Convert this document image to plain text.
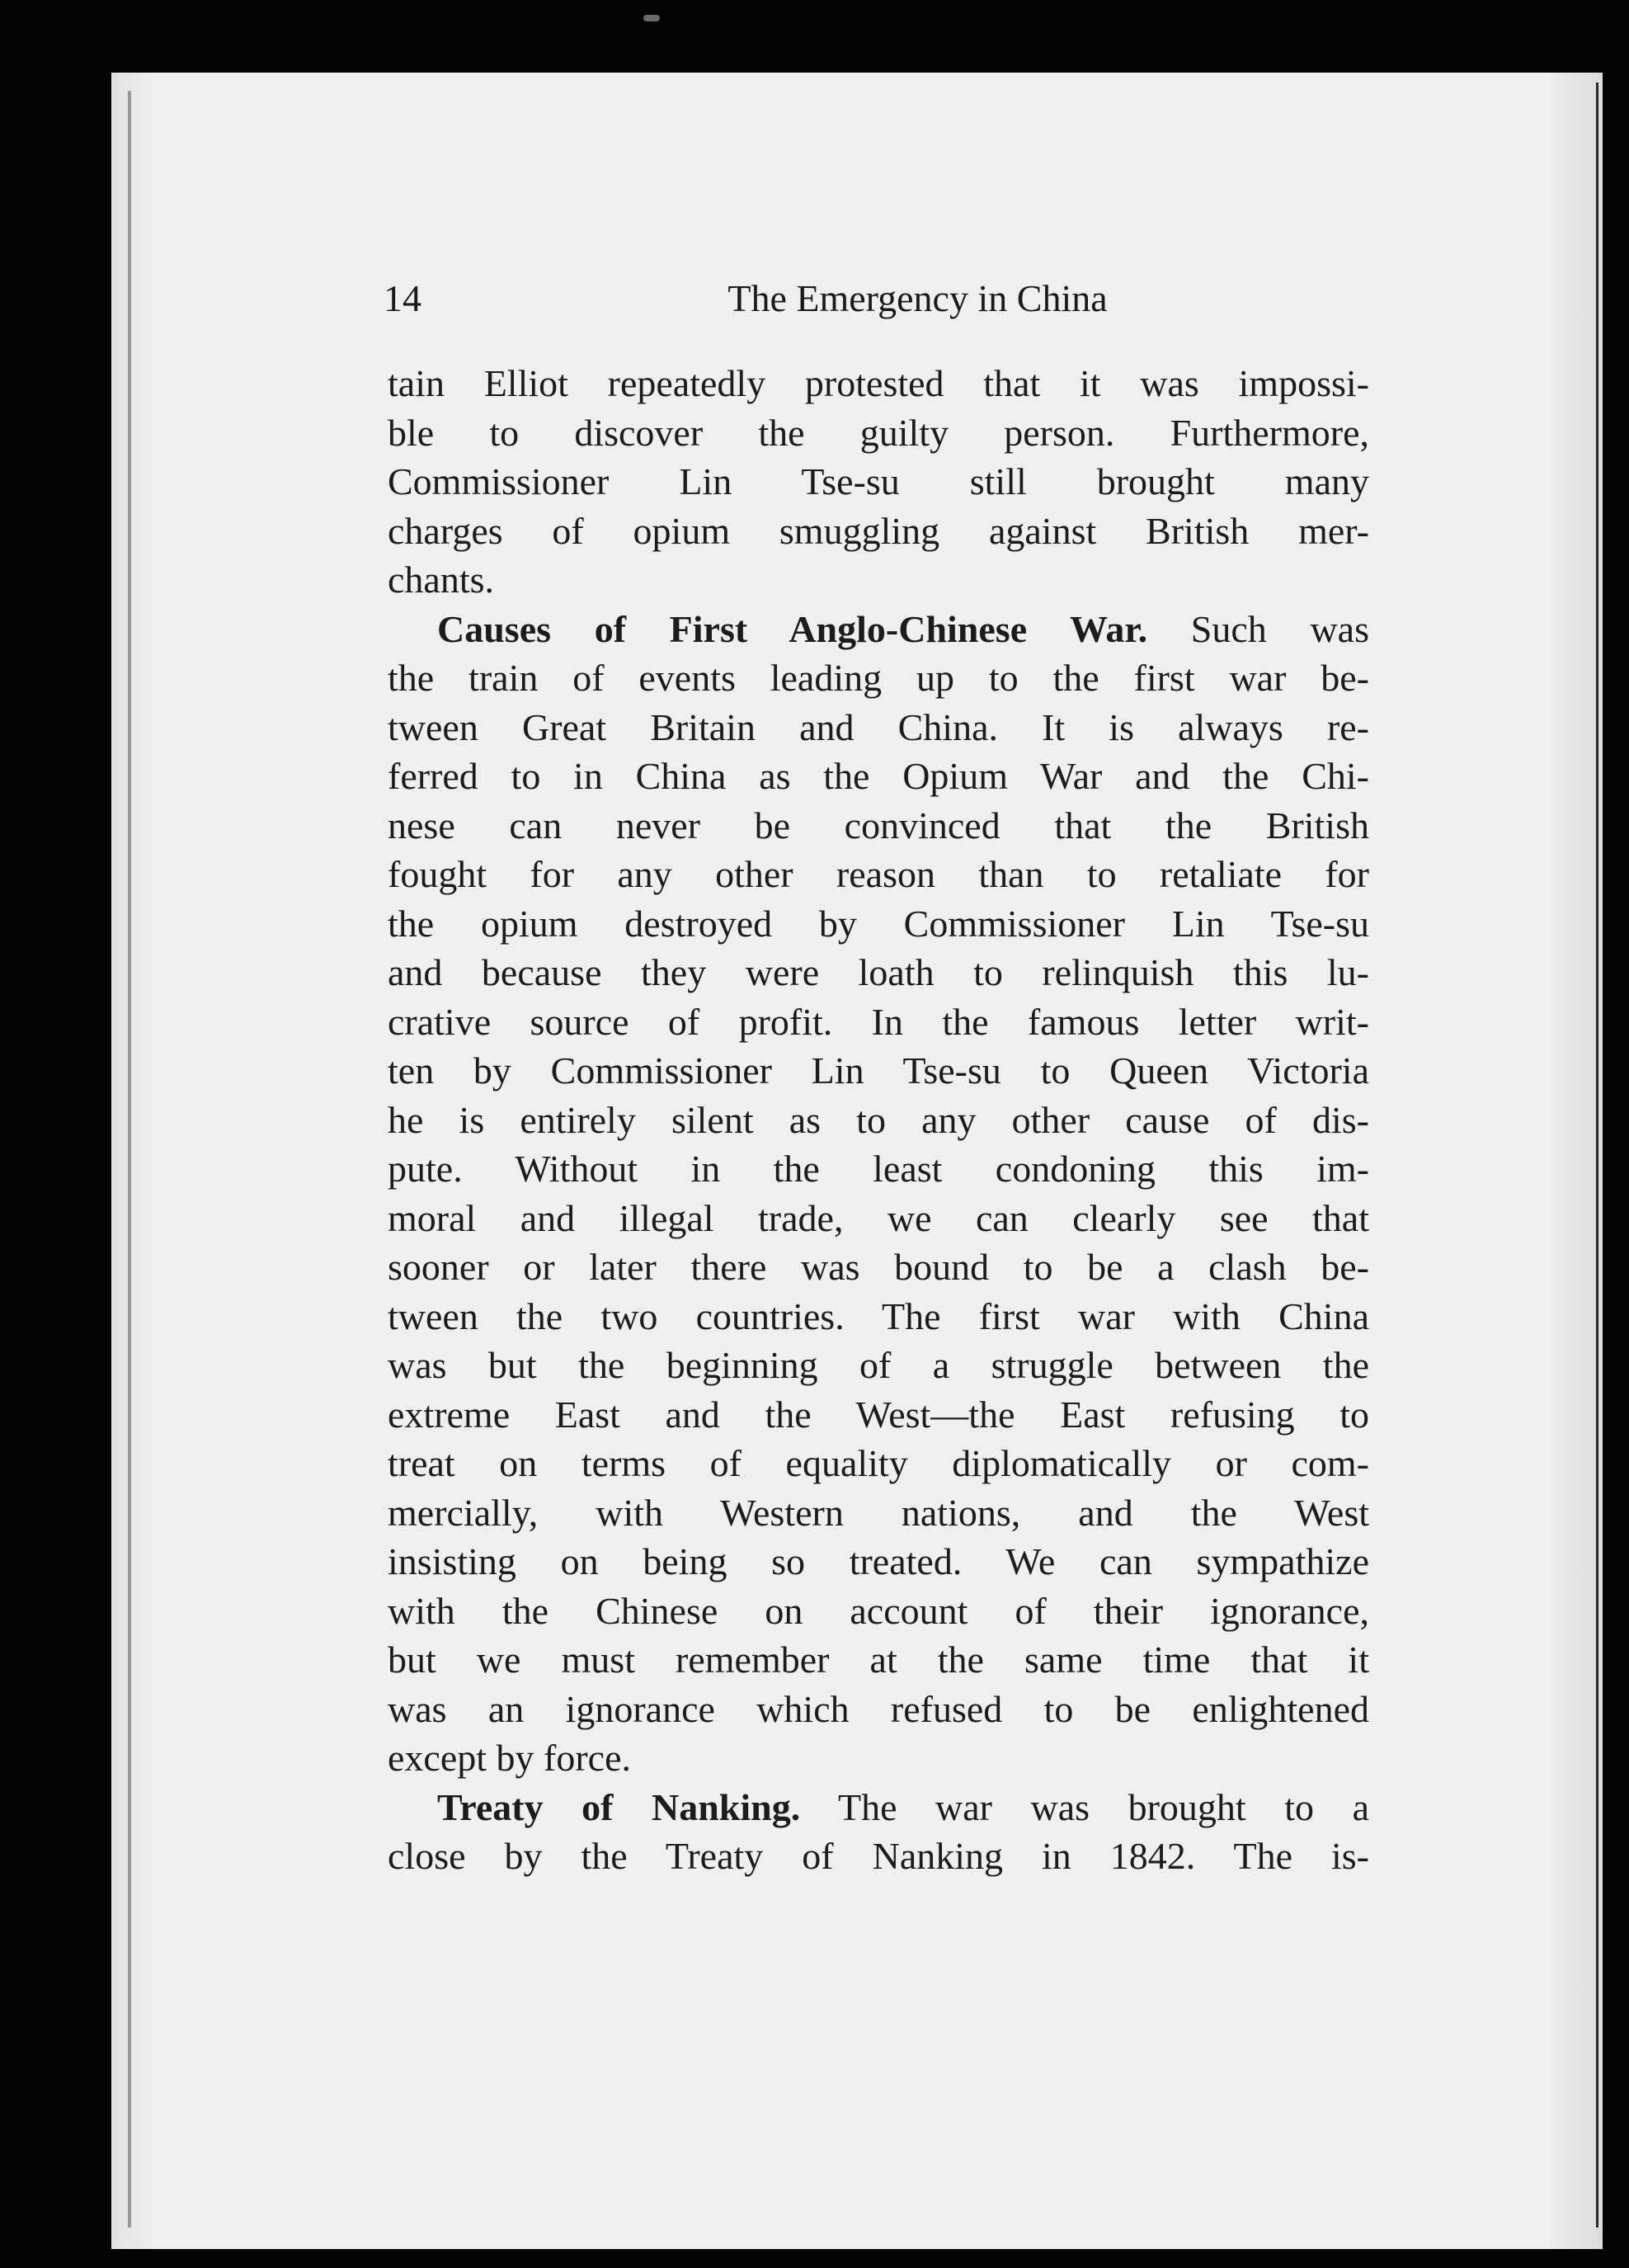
14	The Emergency in China
tain Elliot repeatedly protested that it was impossi-
ble to discover the guilty person. Furthermore,
Commissioner Lin Tse-su still brought many
charges of opium smuggling against British mer-
chants.
Causes of First Anglo-Chinese War. Such was
the train of events leading up to the first war be-
tween Great Britain and China. It is always re-
ferred to in China as the Opium War and the Chi-
nese can never be convinced that the British
fought for any other reason than to retaliate for
the opium destroyed by Commissioner Lin Tse-su
and because they were loath to relinquish this lu-
crative source of profit. In the famous letter writ-
ten by Commissioner Lin Tse-su to Queen Victoria
he is entirely silent as to any other cause of dis-
pute. Without in the least condoning this im-
moral and illegal trade, we can clearly see that
sooner or later there was bound to be a clash be-
tween the two countries. The first war with China
was but the beginning of a struggle between the
extreme East and the West—the East refusing to
treat on terms of equality diplomatically or com-
mercially, with Western nations, and the West
insisting on being so treated. We can sympathize
with the Chinese on account of their ignorance,
but we must remember at the same time that it
was an ignorance which refused to be enlightened
except by force.
Treaty of Nanking. The war was brought to a
close by the Treaty of Nanking in 1842. The is-
